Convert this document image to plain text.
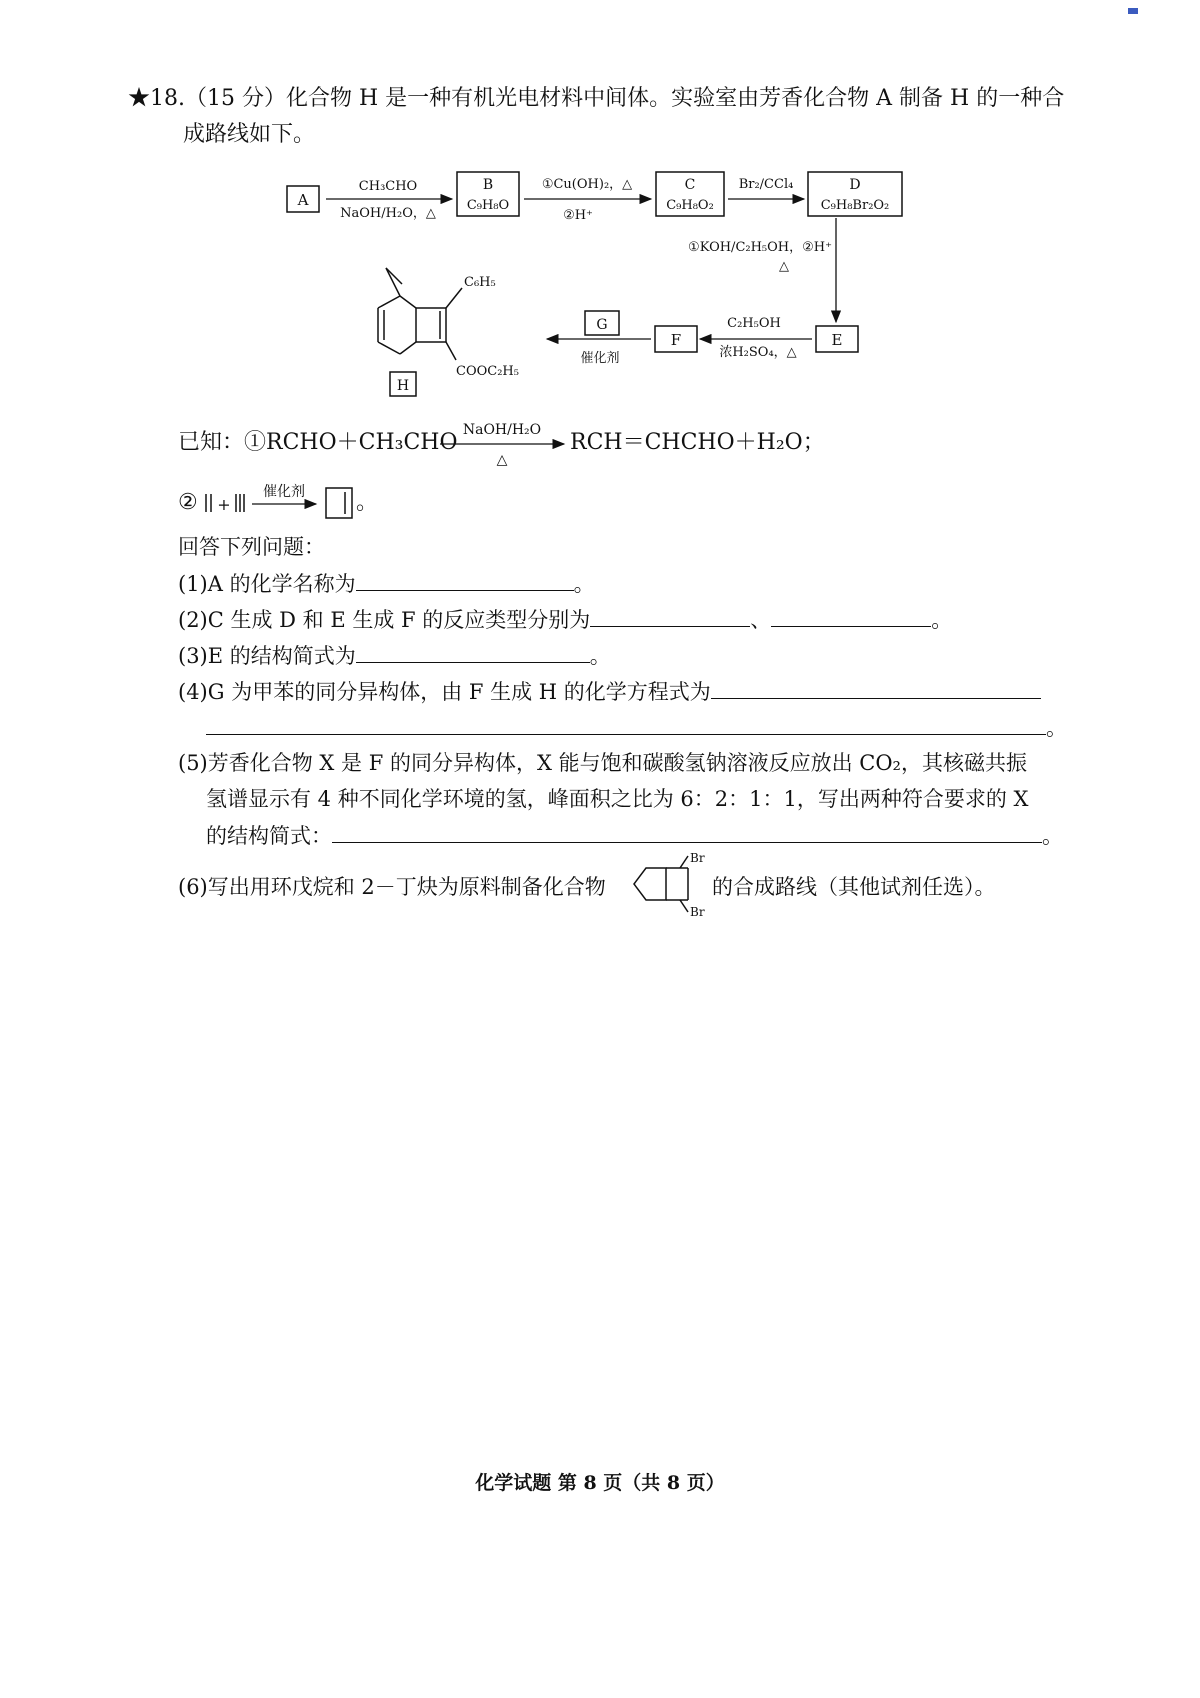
★18.（15 分）化合物 H 是一种有机光电材料中间体。实验室由芳香化合物 A 制备 H 的一种合
成路线如下。
A
CH₃CHO
NaOH/H₂O，△
B
C₉H₈O
①Cu(OH)₂，△
②H⁺
C
C₉H₈O₂
Br₂/CCl₄	D
C₉H₈Br₂O₂
①KOH/C₂H₅OH，②H⁺
△
E
C₂H₅OH
浓H₂SO₄，△
F
G
催化剂
C₆H₅
COOC₂H₅
H
已知：①RCHO＋CH₃CHO NaOH/H₂O
△
RCH＝CHCHO＋H₂O；
② +
催化剂 。
回答下列问题：
(1)A 的化学名称为	。
(2)C 生成 D 和 E 生成 F 的反应类型分别为	、	。
(3)E 的结构简式为	。
(4)G 为甲苯的同分异构体，由 F 生成 H 的化学方程式为
。
(5)芳香化合物 X 是 F 的同分异构体，X 能与饱和碳酸氢钠溶液反应放出 CO₂，其核磁共振
氢谱显示有 4 种不同化学环境的氢，峰面积之比为 6：2：1：1，写出两种符合要求的 X
的结构简式：	。
(6)写出用环戊烷和 2－丁炔为原料制备化合物
Br
Br
的合成路线（其他试剂任选）。
化学试题 第 8 页（共 8 页）
